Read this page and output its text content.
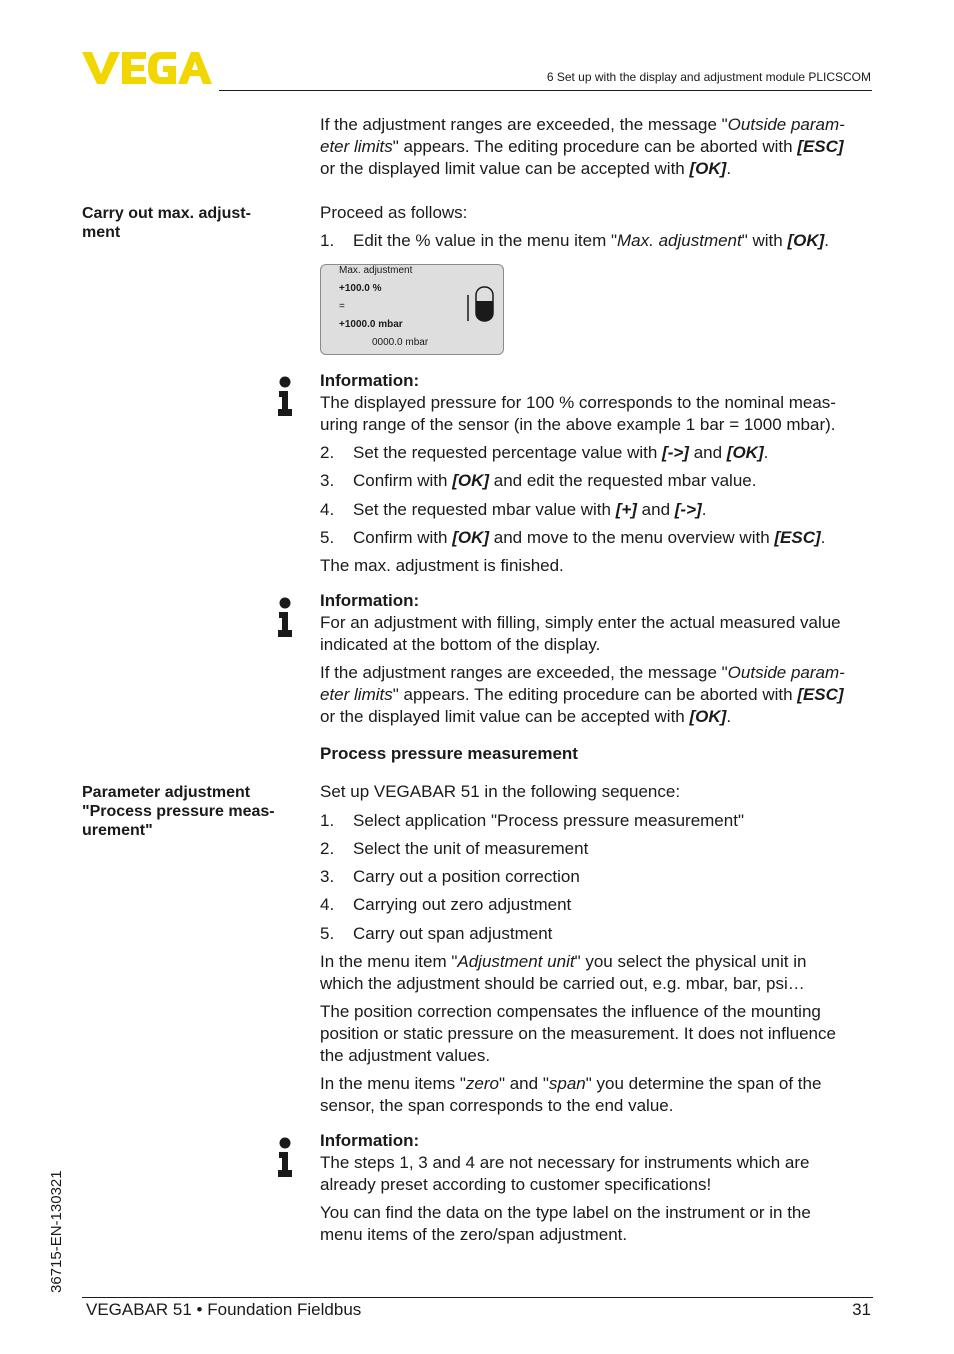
6 Set up with the display and adjustment module PLICSCOM
If the adjustment ranges are exceeded, the message "Outside param-
eter limits" appears. The editing procedure can be aborted with [ESC]
or the displayed limit value can be accepted with [OK].
Carry out max. adjust-
ment
Proceed as follows:
1. Edit the % value in the menu item "Max. adjustment" with [OK].
Max. adjustment
+100.0 %
=
+1000.0 mbar
0000.0 mbar
Information:
The displayed pressure for 100 % corresponds to the nominal meas-
uring range of the sensor (in the above example 1 bar = 1000 mbar).
2. Set the requested percentage value with [->] and [OK].
3. Confirm with [OK] and edit the requested mbar value.
4. Set the requested mbar value with [+] and [->].
5. Confirm with [OK] and move to the menu overview with [ESC].
The max. adjustment is finished.
Information:
For an adjustment with filling, simply enter the actual measured value
indicated at the bottom of the display.
If the adjustment ranges are exceeded, the message "Outside param-
eter limits" appears. The editing procedure can be aborted with [ESC]
or the displayed limit value can be accepted with [OK].
Process pressure measurement
Parameter adjustment
"Process pressure meas-
urement"
Set up VEGABAR 51 in the following sequence:
1. Select application "Process pressure measurement"
2. Select the unit of measurement
3. Carry out a position correction
4. Carrying out zero adjustment
5. Carry out span adjustment
In the menu item "Adjustment unit" you select the physical unit in
which the adjustment should be carried out, e.g. mbar, bar, psi…
The position correction compensates the influence of the mounting
position or static pressure on the measurement. It does not influence
the adjustment values.
In the menu items "zero" and "span" you determine the span of the
sensor, the span corresponds to the end value.
Information:
The steps 1, 3 and 4 are not necessary for instruments which are
already preset according to customer specifications!
You can find the data on the type label on the instrument or in the
menu items of the zero/span adjustment.
36715-EN-130321
VEGABAR 51 • Foundation Fieldbus	31
